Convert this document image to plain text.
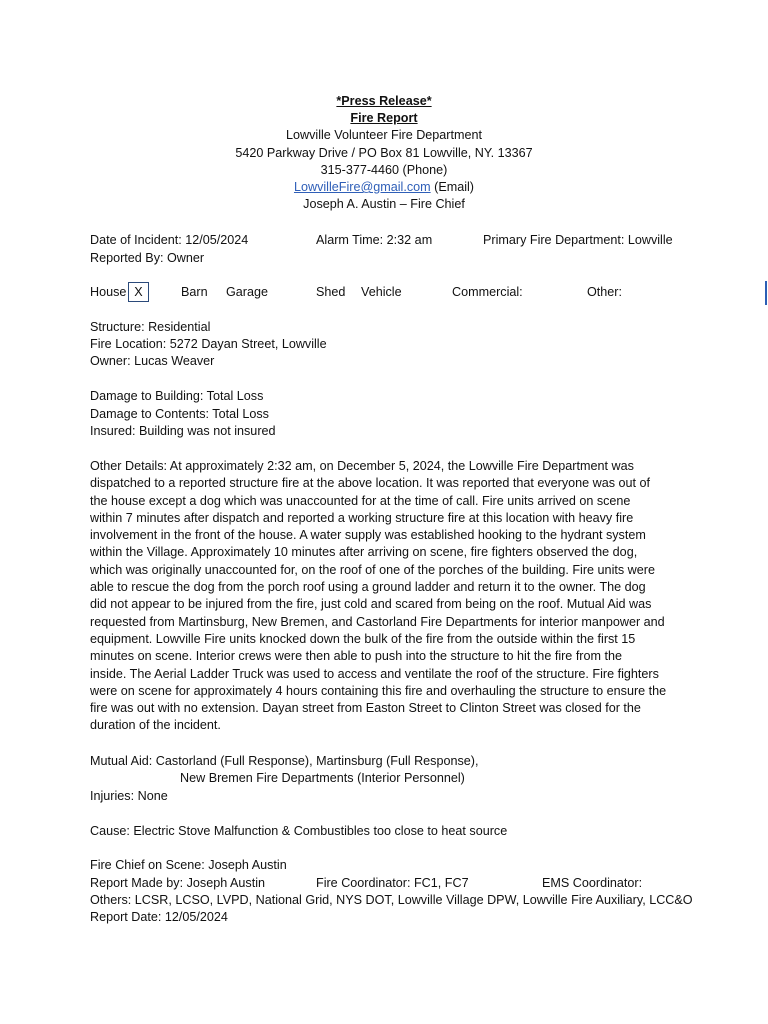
*Press Release*
Fire Report
Lowville Volunteer Fire Department
5420 Parkway Drive / PO Box 81 Lowville, NY. 13367
315-377-4460 (Phone)
LowvilleFire@gmail.com (Email)
Joseph A. Austin – Fire Chief
Date of Incident: 12/05/2024	Alarm Time: 2:32 am	Primary Fire Department: Lowville
Reported By: Owner
House X	Barn Garage	Shed Vehicle	Commercial:	Other:
Structure: Residential
Fire Location: 5272 Dayan Street, Lowville
Owner: Lucas Weaver
Damage to Building: Total Loss
Damage to Contents: Total Loss
Insured: Building was not insured
Other Details: At approximately 2:32 am, on December 5, 2024, the Lowville Fire Department was
dispatched to a reported structure fire at the above location. It was reported that everyone was out of
the house except a dog which was unaccounted for at the time of call. Fire units arrived on scene
within 7 minutes after dispatch and reported a working structure fire at this location with heavy fire
involvement in the front of the house. A water supply was established hooking to the hydrant system
within the Village. Approximately 10 minutes after arriving on scene, fire fighters observed the dog,
which was originally unaccounted for, on the roof of one of the porches of the building. Fire units were
able to rescue the dog from the porch roof using a ground ladder and return it to the owner. The dog
did not appear to be injured from the fire, just cold and scared from being on the roof. Mutual Aid was
requested from Martinsburg, New Bremen, and Castorland Fire Departments for interior manpower and
equipment. Lowville Fire units knocked down the bulk of the fire from the outside within the first 15
minutes on scene. Interior crews were then able to push into the structure to hit the fire from the
inside. The Aerial Ladder Truck was used to access and ventilate the roof of the structure. Fire fighters
were on scene for approximately 4 hours containing this fire and overhauling the structure to ensure the
fire was out with no extension. Dayan street from Easton Street to Clinton Street was closed for the
duration of the incident.
Mutual Aid: Castorland (Full Response), Martinsburg (Full Response),
New Bremen Fire Departments (Interior Personnel)
Injuries: None
Cause: Electric Stove Malfunction & Combustibles too close to heat source
Fire Chief on Scene: Joseph Austin
Report Made by: Joseph Austin	Fire Coordinator: FC1, FC7	EMS Coordinator:
Others: LCSR, LCSO, LVPD, National Grid, NYS DOT, Lowville Village DPW, Lowville Fire Auxiliary, LCC&O
Report Date: 12/05/2024
